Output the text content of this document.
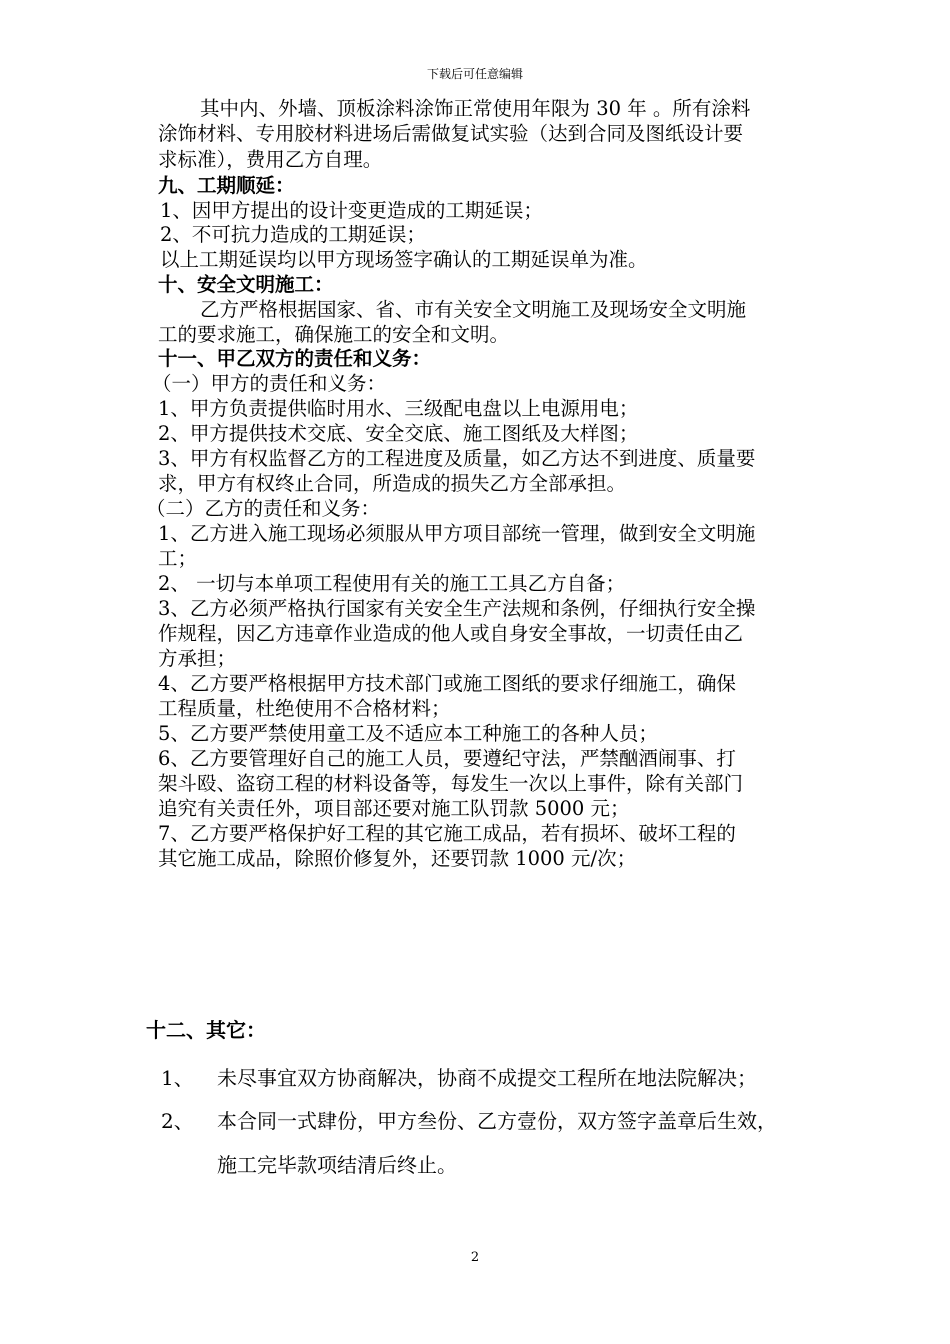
下载后可任意编辑
其中内、外墙、顶板涂料涂饰正常使用年限为 30 年 。所有涂料
涂饰材料、专用胶材料进场后需做复试实验（达到合同及图纸设计要
求标准），费用乙方自理。
九、工期顺延：
1、因甲方提出的设计变更造成的工期延误；
2、不可抗力造成的工期延误；
以上工期延误均以甲方现场签字确认的工期延误单为准。
十、安全文明施工：
乙方严格根据国家、省、市有关安全文明施工及现场安全文明施
工的要求施工，确保施工的安全和文明。
十一、甲乙双方的责任和义务：
（一）甲方的责任和义务：
1、甲方负责提供临时用水、三级配电盘以上电源用电；
2、甲方提供技术交底、安全交底、施工图纸及大样图；
3、甲方有权监督乙方的工程进度及质量，如乙方达不到进度、质量要
求，甲方有权终止合同，所造成的损失乙方全部承担。
（二）乙方的责任和义务：
1、乙方进入施工现场必须服从甲方项目部统一管理，做到安全文明施
工；
2、 一切与本单项工程使用有关的施工工具乙方自备；
3、乙方必须严格执行国家有关安全生产法规和条例，仔细执行安全操
作规程，因乙方违章作业造成的他人或自身安全事故，一切责任由乙
方承担；
4、乙方要严格根据甲方技术部门或施工图纸的要求仔细施工，确保
工程质量，杜绝使用不合格材料；
5、乙方要严禁使用童工及不适应本工种施工的各种人员；
6、乙方要管理好自己的施工人员，要遵纪守法，严禁酗酒闹事、打
架斗殴、盗窃工程的材料设备等，每发生一次以上事件，除有关部门
追究有关责任外，项目部还要对施工队罚款 5000 元；
7、乙方要严格保护好工程的其它施工成品，若有损坏、破坏工程的
其它施工成品，除照价修复外，还要罚款 1000 元/次；
十二、其它：
1、 未尽事宜双方协商解决，协商不成提交工程所在地法院解决；
2、 本合同一式肆份，甲方叁份、乙方壹份，双方签字盖章后生效，
施工完毕款项结清后终止。
2
